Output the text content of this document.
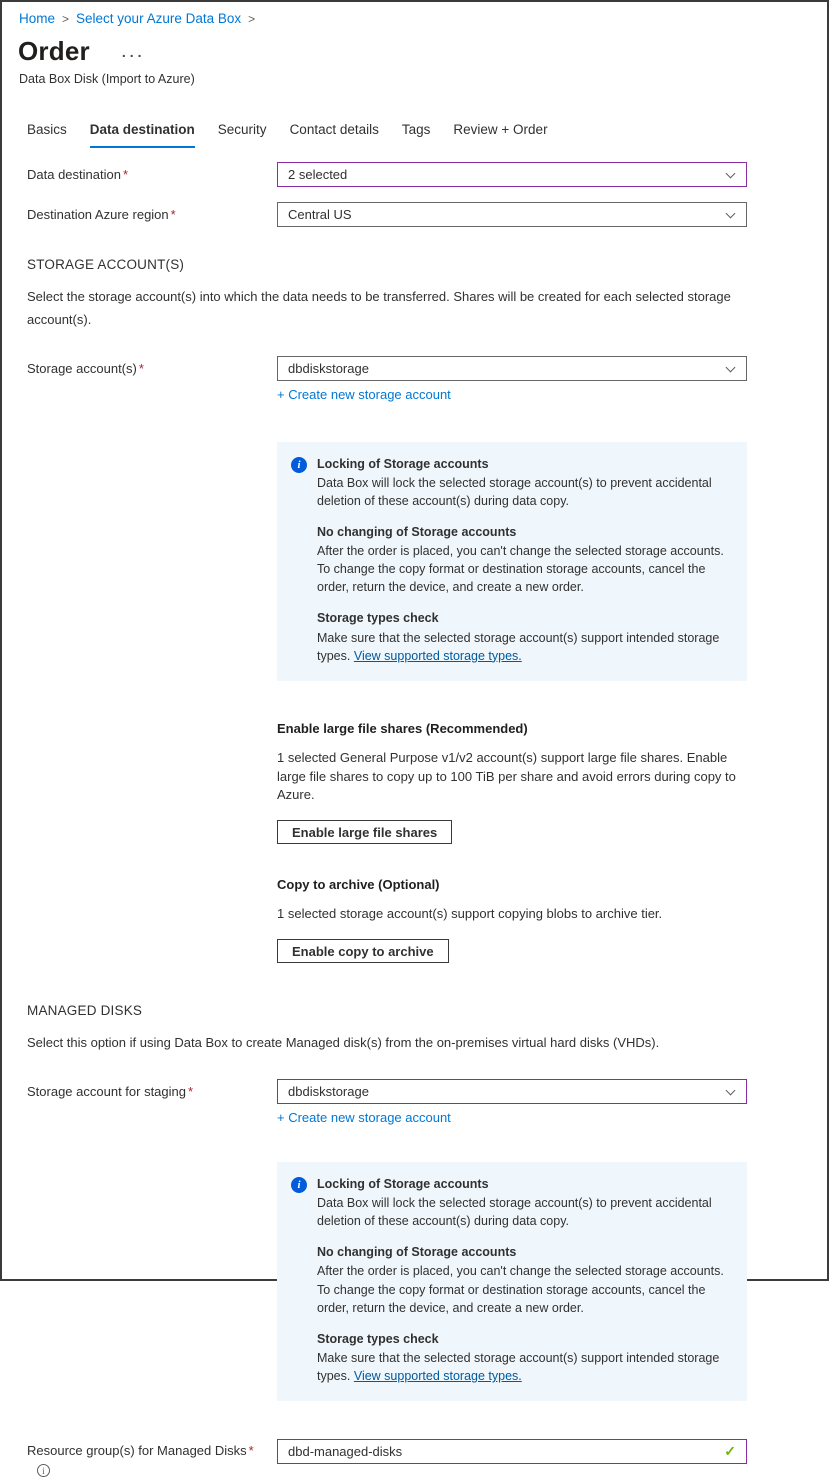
Home > Select your Azure Data Box >
Order ...
Data Box Disk (Import to Azure)
Basics Data destination Security Contact details Tags Review + Order
Data destination *	2 selected
Destination Azure region *	Central US
STORAGE ACCOUNT(S)
Select the storage account(s) into which the data needs to be transferred. Shares will be created for each selected storage account(s).
Storage account(s) *	dbdiskstorage
+ Create new storage account
i	Locking of Storage accounts
Data Box will lock the selected storage account(s) to prevent accidental deletion of these account(s) during data copy.
No changing of Storage accounts
After the order is placed, you can't change the selected storage accounts. To change the copy format or destination storage accounts, cancel the order, return the device, and create a new order.
Storage types check
Make sure that the selected storage account(s) support intended storage types. View supported storage types.
Enable large file shares (Recommended)
1 selected General Purpose v1/v2 account(s) support large file shares. Enable large file shares to copy up to 100 TiB per share and avoid errors during copy to Azure.
Enable large file shares
Copy to archive (Optional)
1 selected storage account(s) support copying blobs to archive tier.
Enable copy to archive
MANAGED DISKS
Select this option if using Data Box to create Managed disk(s) from the on-premises virtual hard disks (VHDs).
Storage account for staging *	dbdiskstorage
+ Create new storage account
i	Locking of Storage accounts
Data Box will lock the selected storage account(s) to prevent accidental deletion of these account(s) during data copy.
No changing of Storage accounts
After the order is placed, you can't change the selected storage accounts. To change the copy format or destination storage accounts, cancel the order, return the device, and create a new order.
Storage types check
Make sure that the selected storage account(s) support intended storage types. View supported storage types.
Resource group(s) for Managed Disks *
i
dbd-managed-disks
✓
